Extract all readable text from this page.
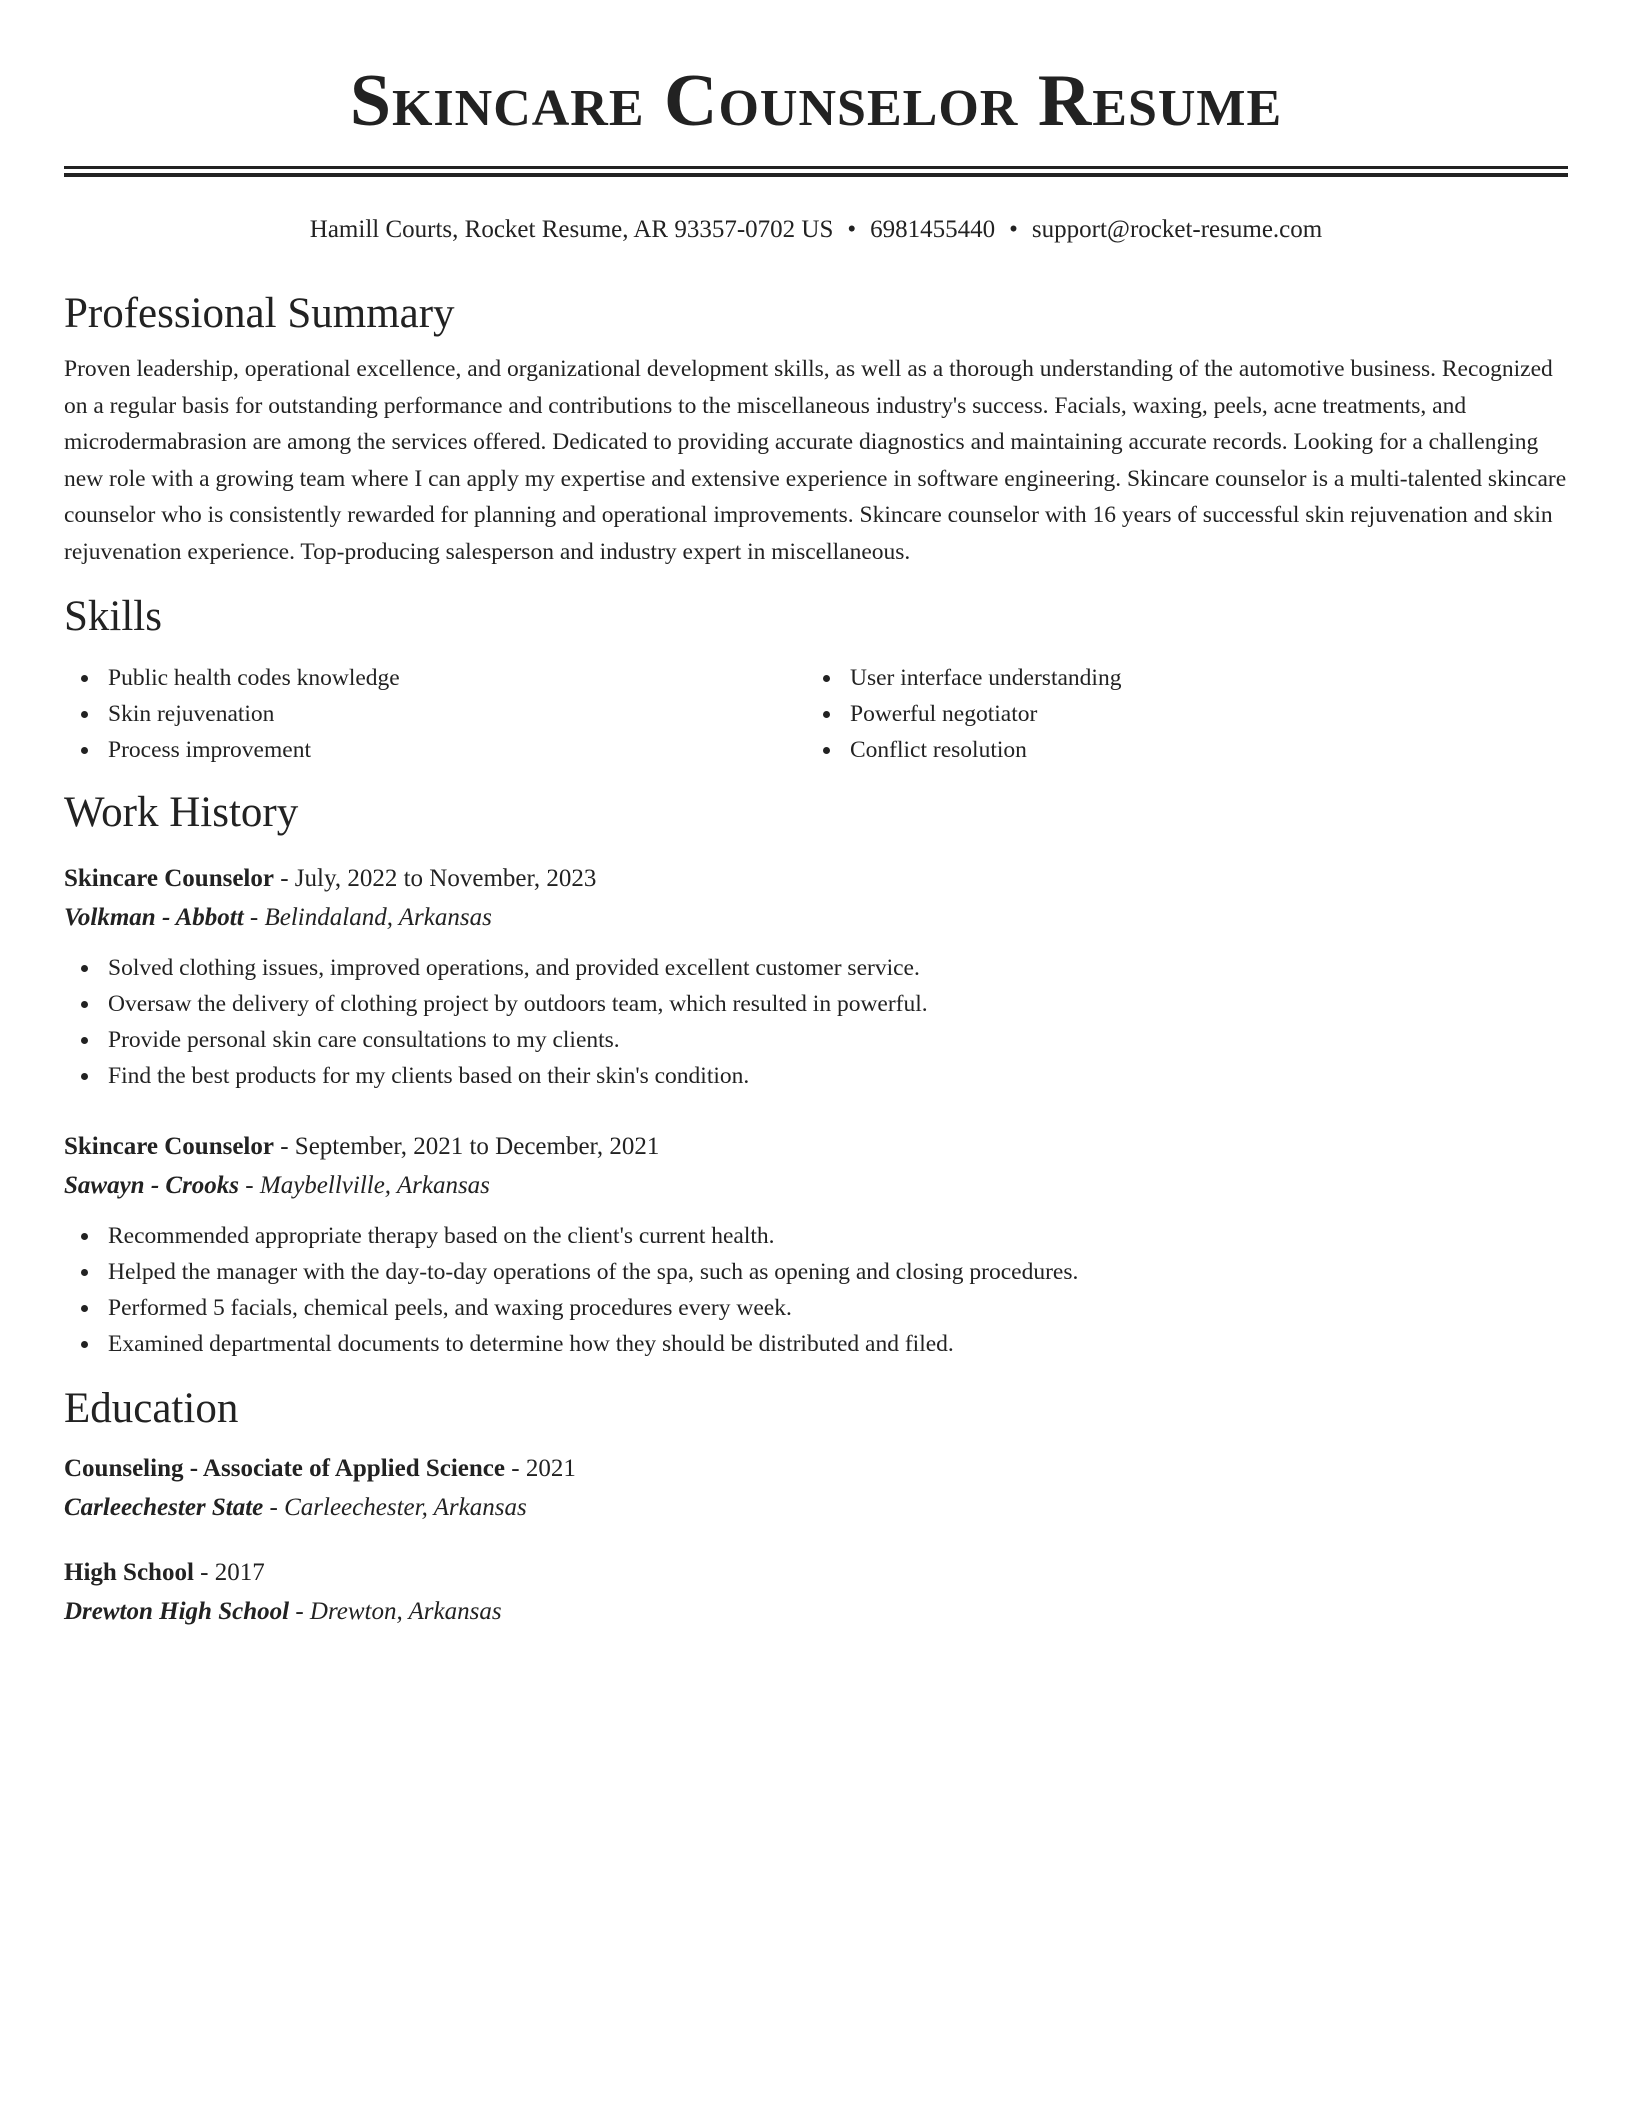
Skincare Counselor Resume
Hamill Courts, Rocket Resume, AR 93357-0702 US • 6981455440 • support@rocket-resume.com
Professional Summary

Proven leadership, operational excellence, and organizational development skills, as well as a thorough understanding of the automotive business. Recognized on a regular basis for outstanding performance and contributions to the miscellaneous industry's success. Facials, waxing, peels, acne treatments, and microdermabrasion are among the services offered. Dedicated to providing accurate diagnostics and maintaining accurate records. Looking for a challenging new role with a growing team where I can apply my expertise and extensive experience in software engineering. Skincare counselor is a multi-talented skincare counselor who is consistently rewarded for planning and operational improvements. Skincare counselor with 16 years of successful skin rejuvenation and skin rejuvenation experience. Top-producing salesperson and industry expert in miscellaneous.

Skills
Public health codes knowledge
Skin rejuvenation
Process improvement
User interface understanding
Powerful negotiator
Conflict resolution
Work History
Skincare Counselor - July, 2022 to November, 2023
Volkman - Abbott - Belindaland, Arkansas
Solved clothing issues, improved operations, and provided excellent customer service.
Oversaw the delivery of clothing project by outdoors team, which resulted in powerful.
Provide personal skin care consultations to my clients.
Find the best products for my clients based on their skin's condition.
Skincare Counselor - September, 2021 to December, 2021
Sawayn - Crooks - Maybellville, Arkansas
Recommended appropriate therapy based on the client's current health.
Helped the manager with the day-to-day operations of the spa, such as opening and closing procedures.
Performed 5 facials, chemical peels, and waxing procedures every week.
Examined departmental documents to determine how they should be distributed and filed.
Education
Counseling - Associate of Applied Science - 2021
Carleechester State - Carleechester, Arkansas
High School - 2017
Drewton High School - Drewton, Arkansas
